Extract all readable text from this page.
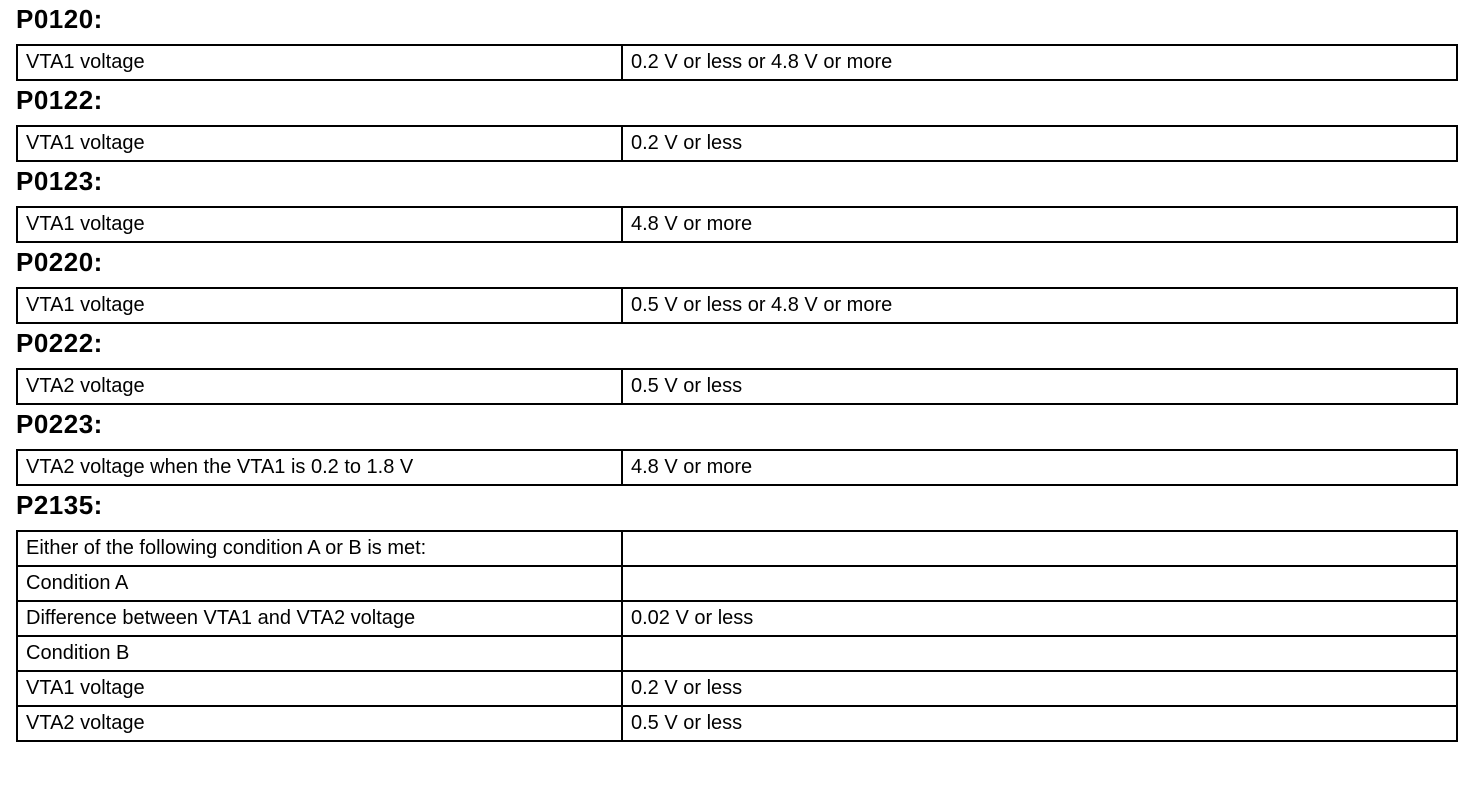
P0120:
VTA1 voltage	0.2 V or less or 4.8 V or more
P0122:
VTA1 voltage	0.2 V or less
P0123:
VTA1 voltage	4.8 V or more
P0220:
VTA1 voltage	0.5 V or less or 4.8 V or more
P0222:
VTA2 voltage	0.5 V or less
P0223:
VTA2 voltage when the VTA1 is 0.2 to 1.8 V	4.8 V or more
P2135:
Either of the following condition A or B is met:	
Condition A	
Difference between VTA1 and VTA2 voltage	0.02 V or less
Condition B	
VTA1 voltage	0.2 V or less
VTA2 voltage	0.5 V or less
